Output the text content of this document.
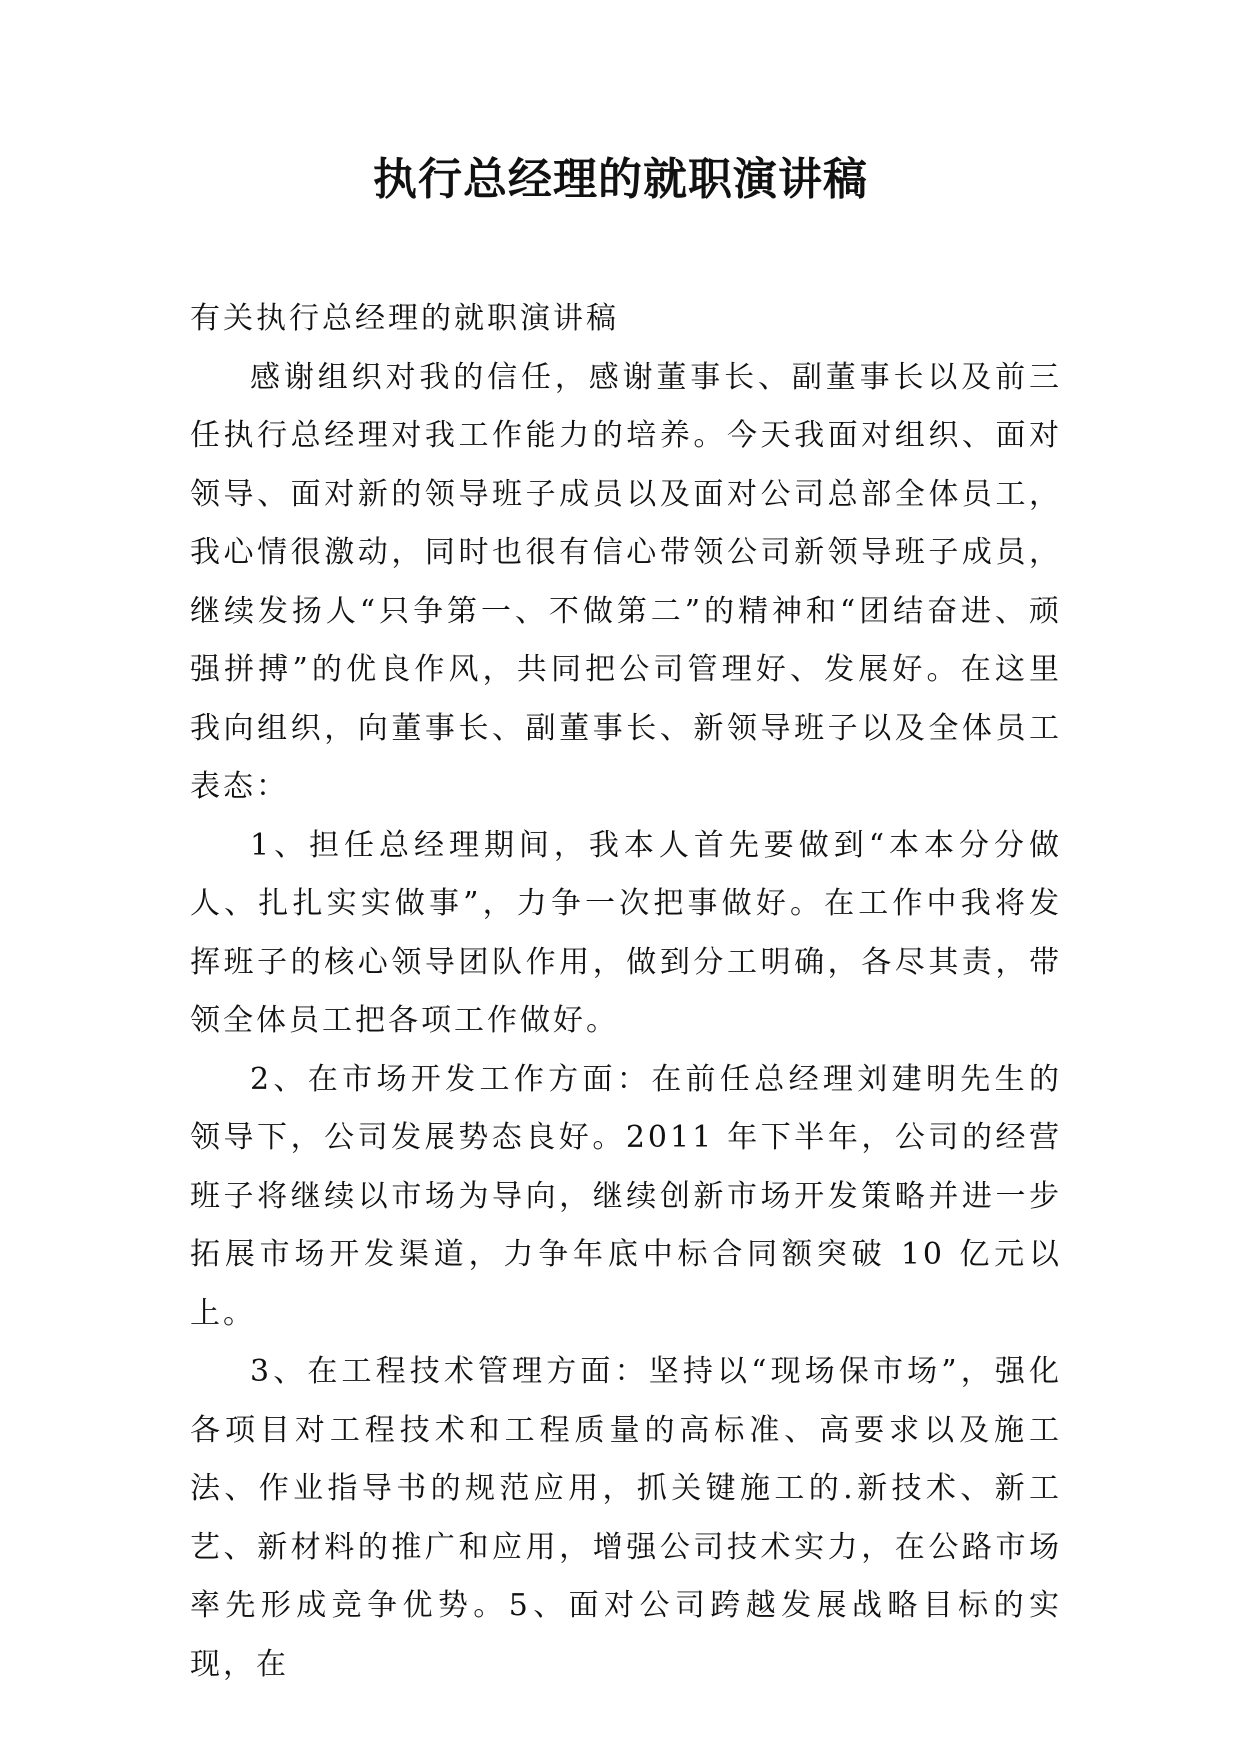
执行总经理的就职演讲稿

有关执行总经理的就职演讲稿

感谢组织对我的信任，感谢董事长、副董事长以及前三任执行总经理对我工作能力的培养。今天我面对组织、面对领导、面对新的领导班子成员以及面对公司总部全体员工，我心情很激动，同时也很有信心带领公司新领导班子成员，继续发扬人“只争第一、不做第二”的精神和“团结奋进、顽强拼搏”的优良作风，共同把公司管理好、发展好。在这里我向组织，向董事长、副董事长、新领导班子以及全体员工表态：

1、担任总经理期间，我本人首先要做到“本本分分做人、扎扎实实做事”，力争一次把事做好。在工作中我将发挥班子的核心领导团队作用，做到分工明确，各尽其责，带领全体员工把各项工作做好。

2、在市场开发工作方面：在前任总经理刘建明先生的领导下，公司发展势态良好。2011 年下半年，公司的经营班子将继续以市场为导向，继续创新市场开发策略并进一步拓展市场开发渠道，力争年底中标合同额突破 10 亿元以上。

3、在工程技术管理方面：坚持以“现场保市场”，强化各项目对工程技术和工程质量的高标准、高要求以及施工法、作业指导书的规范应用，抓关键施工的.新技术、新工艺、新材料的推广和应用，增强公司技术实力，在公路市场率先形成竞争优势。5、面对公司跨越发展战略目标的实现，在
